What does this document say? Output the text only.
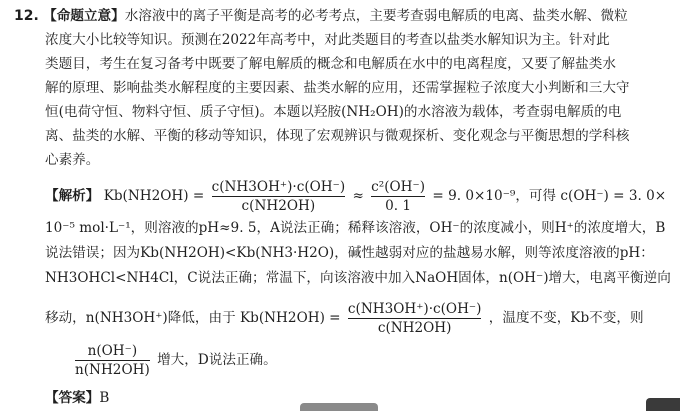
12. 【命题立意】水溶液中的离子平衡是高考的必考考点，主要考查弱电解质的电离、盐类水解、微粒
浓度大小比较等知识。预测在2022年高考中，对此类题目的考查以盐类水解知识为主。针对此
类题目，考生在复习备考中既要了解电解质的概念和电解质在水中的电离程度，又要了解盐类水
解的原理、影响盐类水解程度的主要因素、盐类水解的应用，还需掌握粒子浓度大小判断和三大守
恒(电荷守恒、物料守恒、质子守恒)。本题以羟胺(NH₂OH)的水溶液为载体，考查弱电解质的电
离、盐类的水解、平衡的移动等知识，体现了宏观辨识与微观探析、变化观念与平衡思想的学科核
心素养。
【解析】 $Kb(NH2OH) = \frac{c(NH3OH^+)\cdot c(OH^-)}{c(NH2OH)} \approx \frac{\text{c²(OH⁻)}}{0. 1} = 9$. 0×10⁻⁹，可得 c(OH⁻) = 3. 0×
10⁻⁵ mol·L⁻¹，则溶液的pH≈9. 5，A说法正确；稀释该溶液，OH⁻的浓度减小，则H⁺的浓度增大，B
说法错误；因为Kb(NH2OH)<Kb(NH3·H2O)，碱性越弱对应的盐越易水解，则等浓度溶液的pH：
NH3OHCl<NH4Cl，C说法正确；常温下，向该溶液中加入NaOH固体，n(OH⁻)增大，电离平衡逆向
移动，n(NH3OH⁺)降低，由于 $Kb(NH2OH) = \frac{c(NH3OH^+)\cdot c(OH^-)}{c(NH2OH)}$ ，温度不变，Kb不变，则
$\frac{n(OH^-)}{n(NH2OH)}$ 增大，D说法正确。
【答案】B
